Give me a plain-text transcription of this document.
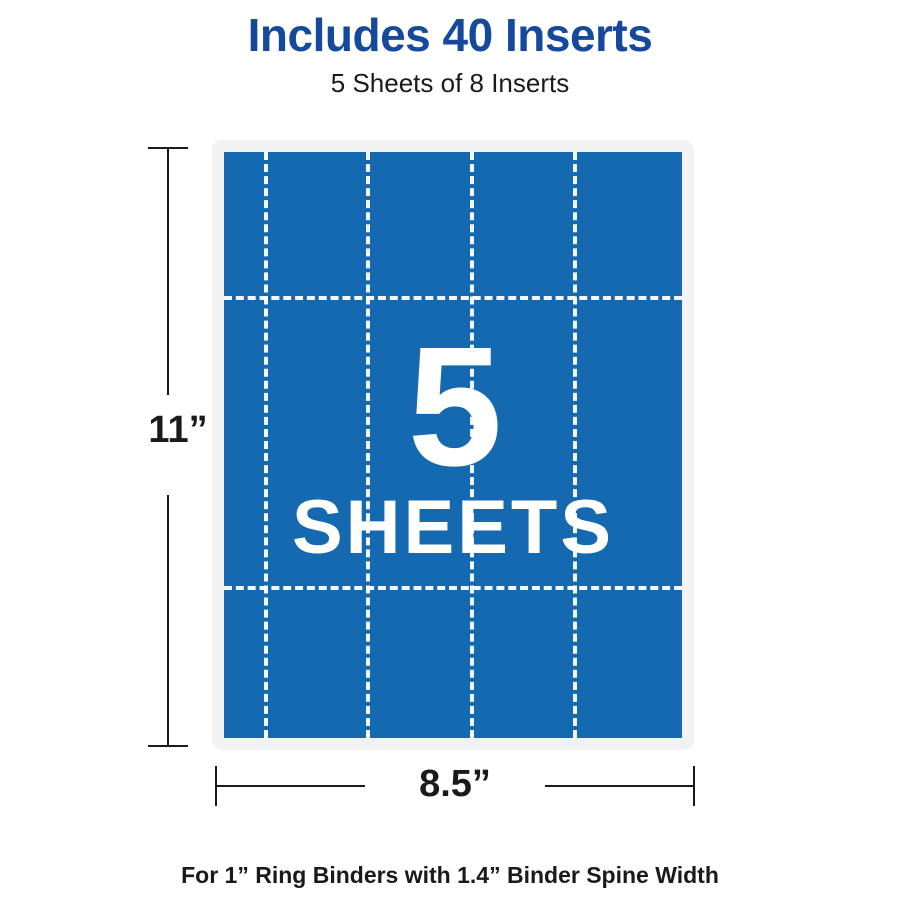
Includes 40 Inserts
5 Sheets of 8 Inserts
11”	5
SHEETS
8.5”
For 1” Ring Binders with 1.4” Binder Spine Width
